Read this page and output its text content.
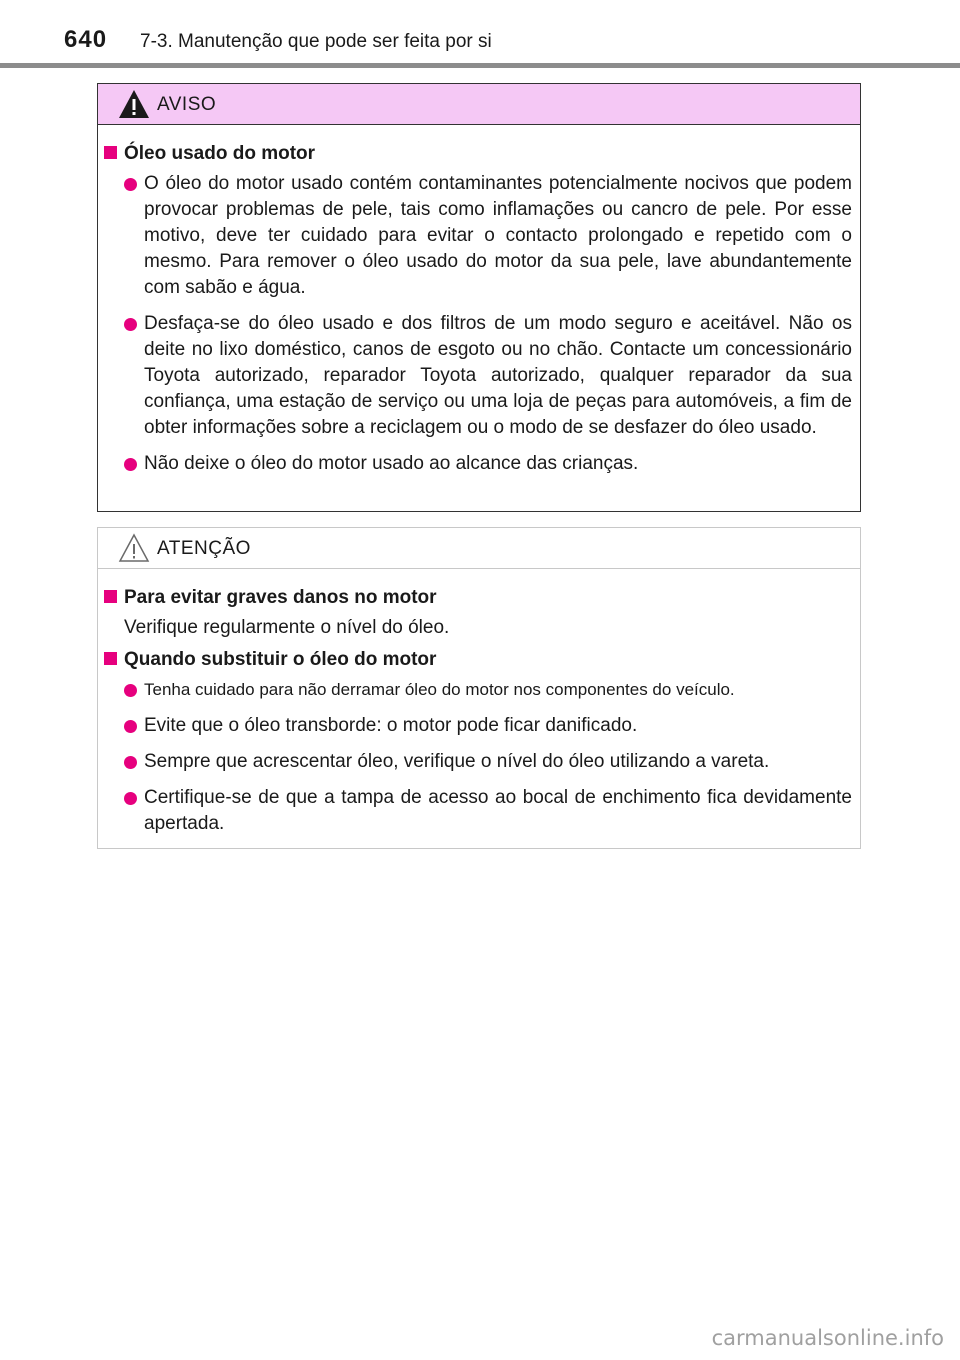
640 7-3. Manutenção que pode ser feita por si
AVISO
Óleo usado do motor
O óleo do motor usado contém contaminantes potencialmente nocivos que podem provocar problemas de pele, tais como inflamações ou cancro de pele. Por esse motivo, deve ter cuidado para evitar o contacto prolongado e repetido com o mesmo. Para remover o óleo usado do motor da sua pele, lave abundantemente com sabão e água.
Desfaça-se do óleo usado e dos filtros de um modo seguro e aceitável. Não os deite no lixo doméstico, canos de esgoto ou no chão. Contacte um concessionário Toyota autorizado, reparador Toyota autorizado, qualquer reparador da sua confiança, uma estação de serviço ou uma loja de peças para automóveis, a fim de obter informações sobre a reciclagem ou o modo de se desfazer do óleo usado.
Não deixe o óleo do motor usado ao alcance das crianças.
ATENÇÃO
Para evitar graves danos no motor
Verifique regularmente o nível do óleo.
Quando substituir o óleo do motor
Tenha cuidado para não derramar óleo do motor nos componentes do veículo.
Evite que o óleo transborde: o motor pode ficar danificado.
Sempre que acrescentar óleo, verifique o nível do óleo utilizando a vareta.
Certifique-se de que a tampa de acesso ao bocal de enchimento fica devidamente apertada.
carmanualsonline.info
